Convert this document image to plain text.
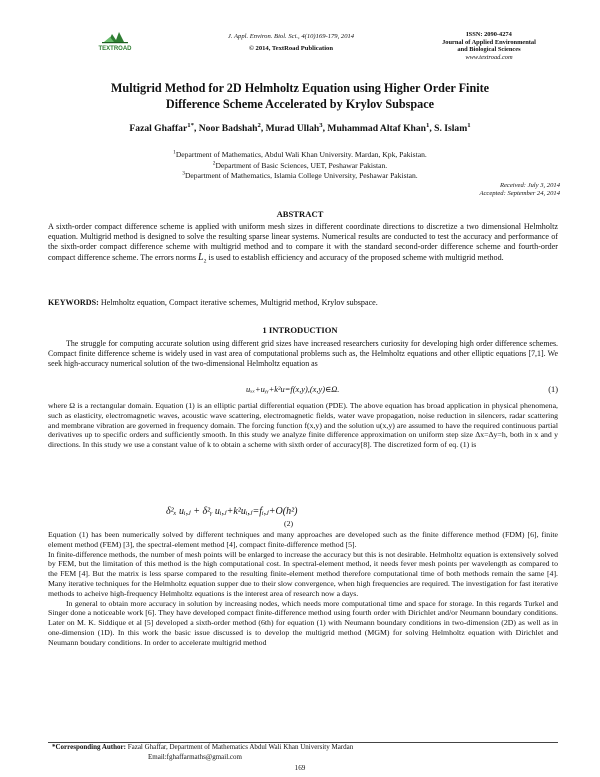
TEXTROAD
J. Appl. Environ. Biol. Sci., 4(10)169-179, 2014
© 2014, TextRoad Publication
ISSN: 2090-4274
Journal of Applied Environmental
and Biological Sciences
www.textroad.com
Multigrid Method for 2D Helmholtz Equation using Higher Order Finite
Difference Scheme Accelerated by Krylov Subspace
Fazal Ghaffar$^{1*}$, Noor Badshah$^2$, Murad Ullah$^3$, Muhammad Altaf Khan$^1$, S. Islam$^1$
$^1$Department of Mathematics, Abdul Wali Khan University. Mardan, Kpk, Pakistan.
$^2$Department of Basic Sciences, UET, Peshawar Pakistan.
$^3$Department of Mathematics, Islamia College University, Peshawar Pakistan.
Received: July 3, 2014
Accepted: September 24, 2014
ABSTRACT
A sixth-order compact difference scheme is applied with uniform mesh sizes in different coordinate directions to discretize a two dimensional Helmholtz equation. Multigrid method is designed to solve the resulting sparse linear systems. Numerical results are conducted to test the accuracy and performance of the sixth-order compact difference scheme with multigrid method and to compare it with the standard second-order difference scheme and fourth-order compact difference scheme. The errors norms $L_2$ is used to establish efficiency and accuracy of the proposed scheme with multigrid method.
KEYWORDS: Helmholtz equation, Compact iterative schemes, Multigrid method, Krylov subspace.
1 INTRODUCTION
The struggle for computing accurate solution using different grid sizes have increased researchers curiosity for developing high order difference schemes. Compact finite difference scheme is widely used in vast area of computational problems such as, the Helmholtz equations and other elliptic equations [7,1]. We seek high-accuracy numerical solution of the two-dimensional Helmholtz equation as
uₓₓ+uᵧᵧ+k²u=f(x,y),(x,y)∈Ω.	(1)

where Ω is a rectangular domain. Equation (1) is an elliptic partial differential equation (PDE). The above equation has broad application in physical phenomena, such as elasticity, electromagnetic waves, acoustic wave scattering, electromagnetic fields, water wave propagation, noise reduction in silencers, radar scattering and membrane vibration are governed in frequency domain. The forcing function f(x,y) and the solution u(x,y) are assumed to have the required continuous partial derivatives up to specific orders and sufficiently smooth. In this study we analyze finite difference approximation on uniform step size Δx=Δy=h, both in x and y directions. In this study we use a constant value of k to obtain a scheme with sixth order of accuracy[8]. The discretized form of eq. (1) is

δ²ₓ uᵢ,ⱼ + δ²ᵧ uᵢ,ⱼ+k²uᵢ,ⱼ=fᵢ,ⱼ+O(h²)
(2)

Equation (1) has been numerically solved by different techniques and many approaches are developed such as the finite difference method (FDM) [6], finite element method (FEM) [3], the spectral-element method [4], compact finite-difference method [5].

In finite-difference methods, the number of mesh points will be enlarged to increase the accuracy but this is not desirable. Helmholtz equation is extensively solved by FEM, but the limitation of this method is the high computational cost. In spectral-element method, it needs fever mesh points per wavelength as compared to the FEM [4]. But the matrix is less sparse compared to the resulting finite-element method therefore computational time of both methods remain the same [4]. Many iterative techniques for the Helmholtz equation supper due to their slow convergence, when high frequencies are required. The investigation for fast iterative methods to acheive high-frequency Helmholtz equations is the interest area of research now a days.

In general to obtain more accuracy in solution by increasing nodes, which needs more computational time and space for storage. In this regards Turkel and Singer done a noticeable work [6]. They have developed compact finite-difference method using fourth order with Dirichlet and/or Neumann boundary conditions. Later on M. K. Siddique et al [5] developed a sixth-order method (6th) for equation (1) with Neumann boundary conditions in two-dimension (2D) as well as in one-dimension (1D). In this work the basic issue discussed is to develop the multigrid method (MGM) for solving Helmholtz equation with Dirichlet and Neumann boudary conditions. In order to accelerate multigrid method

*Corresponding Author: Fazal Ghaffar, Department of Mathematics Abdul Wali Khan University Mardan
Email:fghaffarmaths@gmail.com
169
